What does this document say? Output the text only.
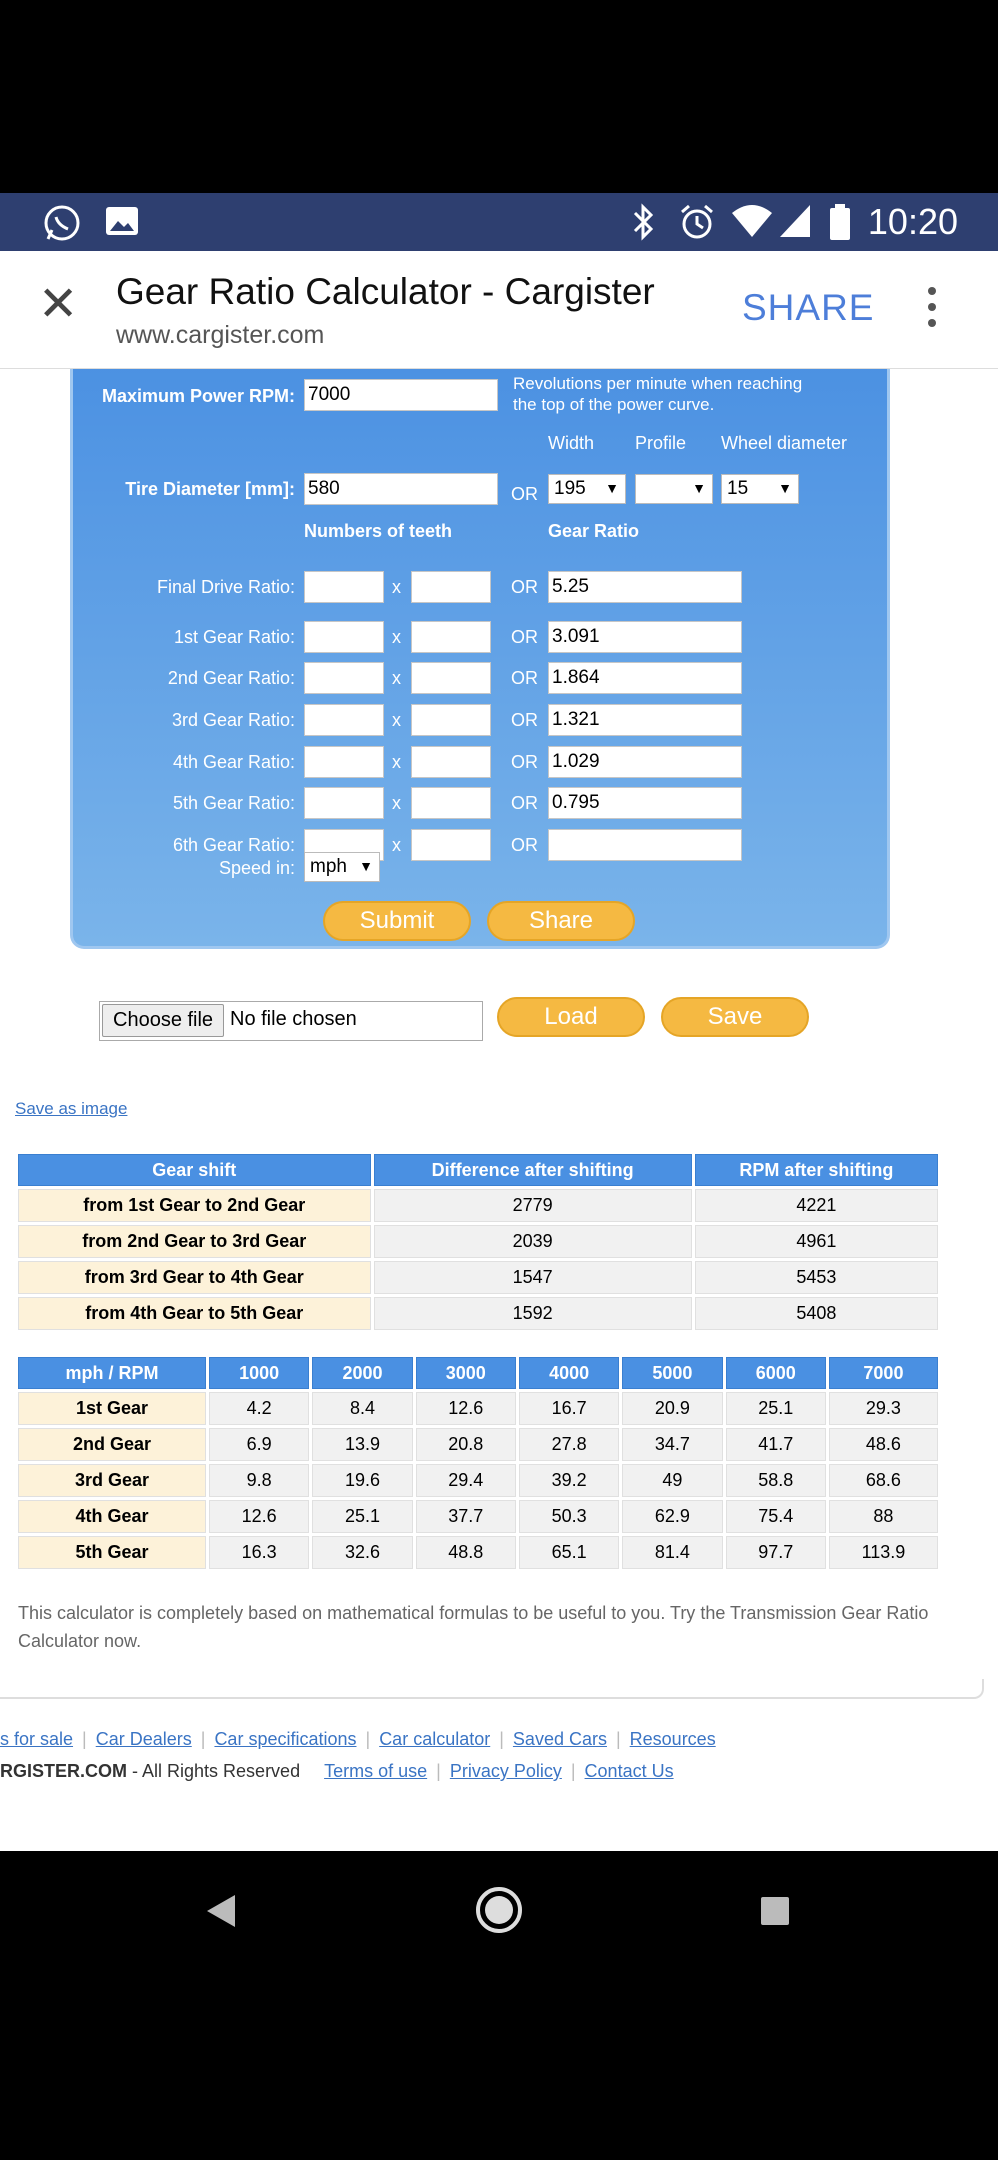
10:20
✕ Gear Ratio Calculator - Cargister
www.cargister.com
SHARE
Maximum Power RPM: 7000
Revolutions per minute when reaching
the top of the power curve.
Width Profile Wheel diameter
Tire Diameter [mm]: 580	OR 195 ▼	▼	15 ▼
Numbers of teeth	Gear Ratio
Final Drive Ratio:	x	OR 5.25
1st Gear Ratio:	x	OR 3.091
2nd Gear Ratio:	x	OR 1.864
3rd Gear Ratio:	x	OR 1.321
4th Gear Ratio:	x	OR 1.029
5th Gear Ratio:	x	OR 0.795
6th Gear Ratio:	x	OR
Speed in: mph ▼
Submit	Share
Choose file No file chosen	Load	Save
Save as image
Gear shift	Difference after shifting	RPM after shifting
from 1st Gear to 2nd Gear	2779	4221
from 2nd Gear to 3rd Gear	2039	4961
from 3rd Gear to 4th Gear	1547	5453
from 4th Gear to 5th Gear	1592	5408
mph / RPM	1000	2000	3000	4000	5000	6000	7000
1st Gear	4.2	8.4	12.6	16.7	20.9	25.1	29.3
2nd Gear	6.9	13.9	20.8	27.8	34.7	41.7	48.6
3rd Gear	9.8	19.6	29.4	39.2	49	58.8	68.6
4th Gear	12.6	25.1	37.7	50.3	62.9	75.4	88
5th Gear	16.3	32.6	48.8	65.1	81.4	97.7	113.9
This calculator is completely based on mathematical formulas to be useful to you. Try the Transmission Gear Ratio Calculator now.
s for sale | Car Dealers | Car specifications | Car calculator | Saved Cars | Resources
RGISTER.COM - All Rights Reserved Terms of use | Privacy Policy | Contact Us
